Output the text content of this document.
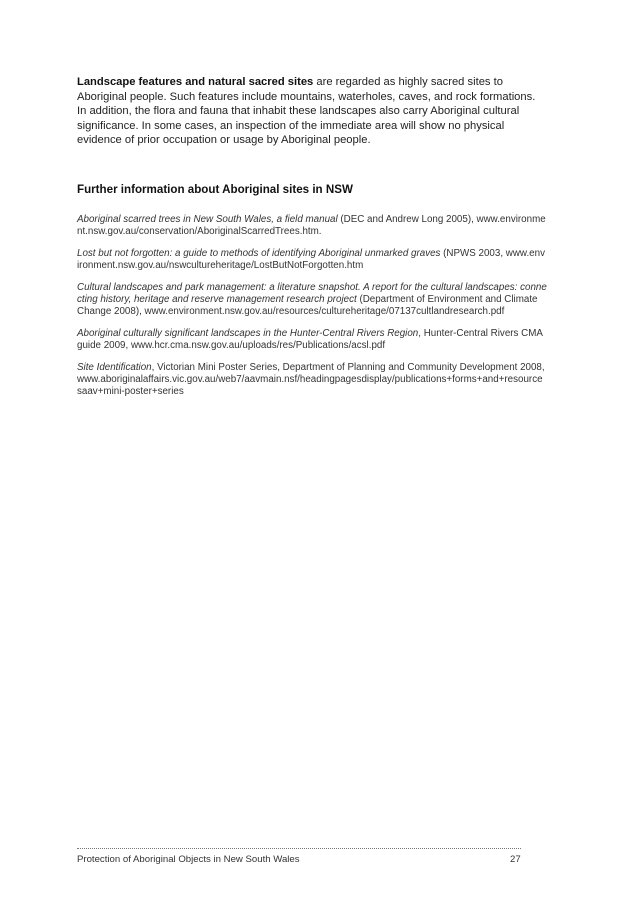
Landscape features and natural sacred sites are regarded as highly sacred sites to Aboriginal people. Such features include mountains, waterholes, caves, and rock formations. In addition, the flora and fauna that inhabit these landscapes also carry Aboriginal cultural significance. In some cases, an inspection of the immediate area will show no physical evidence of prior occupation or usage by Aboriginal people.

Further information about Aboriginal sites in NSW

Aboriginal scarred trees in New South Wales, a field manual (DEC and Andrew Long 2005), www.environment.nsw.gov.au/conservation/AboriginalScarredTrees.htm.

Lost but not forgotten: a guide to methods of identifying Aboriginal unmarked graves (NPWS 2003, www.environment.nsw.gov.au/nswcultureheritage/LostButNotForgotten.htm

Cultural landscapes and park management: a literature snapshot. A report for the cultural landscapes: connecting history, heritage and reserve management research project (Department of Environment and Climate Change 2008), www.environment.nsw.gov.au/resources/cultureheritage/07137cultlandresearch.pdf

Aboriginal culturally significant landscapes in the Hunter-Central Rivers Region, Hunter-Central Rivers CMA guide 2009, www.hcr.cma.nsw.gov.au/uploads/res/Publications/acsl.pdf

Site Identification, Victorian Mini Poster Series, Department of Planning and Community Development 2008, www.aboriginalaffairs.vic.gov.au/web7/aavmain.nsf/headingpagesdisplay/publications+forms+and+resourcesaav+mini-poster+series

Protection of Aboriginal Objects in New South Wales	27
